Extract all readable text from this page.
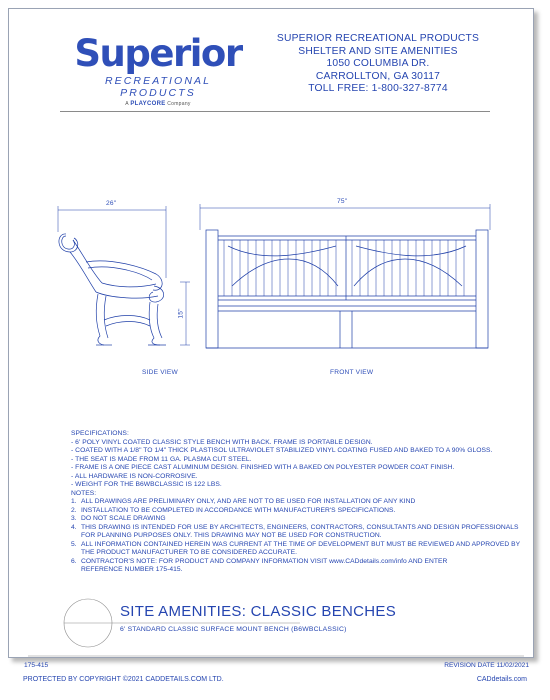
Superior
RECREATIONAL PRODUCTS
A PLAYCORE Company
SUPERIOR RECREATIONAL PRODUCTS
SHELTER AND SITE AMENITIES
1050 COLUMBIA DR.
CARROLLTON, GA 30117
TOLL FREE: 1-800-327-8774
26"	75"
15"
SIDE VIEW	FRONT VIEW
SPECIFICATIONS:
- 6' POLY VINYL COATED CLASSIC STYLE BENCH WITH BACK. FRAME IS PORTABLE DESIGN.
- COATED WITH A 1/8" TO 1/4" THICK PLASTISOL ULTRAVIOLET STABILIZED VINYL COATING FUSED AND BAKED TO A 90% GLOSS.
- THE SEAT IS MADE FROM 11 GA. PLASMA CUT STEEL.
- FRAME IS A ONE PIECE CAST ALUMINUM DESIGN. FINISHED WITH A BAKED ON POLYESTER POWDER COAT FINISH.
- ALL HARDWARE IS NON-CORROSIVE.
- WEIGHT FOR THE B6WBCLASSIC IS 122 LBS.
NOTES:
1. ALL DRAWINGS ARE PRELIMINARY ONLY, AND ARE NOT TO BE USED FOR INSTALLATION OF ANY KIND
2. INSTALLATION TO BE COMPLETED IN ACCORDANCE WITH MANUFACTURER'S SPECIFICATIONS.
3. DO NOT SCALE DRAWING
4. THIS DRAWING IS INTENDED FOR USE BY ARCHITECTS, ENGINEERS, CONTRACTORS, CONSULTANTS AND DESIGN PROFESSIONALS
FOR PLANNING PURPOSES ONLY. THIS DRAWING MAY NOT BE USED FOR CONSTRUCTION.
5. ALL INFORMATION CONTAINED HEREIN WAS CURRENT AT THE TIME OF DEVELOPMENT BUT MUST BE REVIEWED AND APPROVED BY
THE PRODUCT MANUFACTURER TO BE CONSIDERED ACCURATE.
6. CONTRACTOR'S NOTE: FOR PRODUCT AND COMPANY INFORMATION VISIT www.CADdetails.com/info AND ENTER
REFERENCE NUMBER 175-415.
SITE AMENITIES: CLASSIC BENCHES
6' STANDARD CLASSIC SURFACE MOUNT BENCH (B6WBCLASSIC)
175-415	REVISION DATE 11/02/2021
PROTECTED BY COPYRIGHT ©2021 CADDETAILS.COM LTD.	CADdetails.com
